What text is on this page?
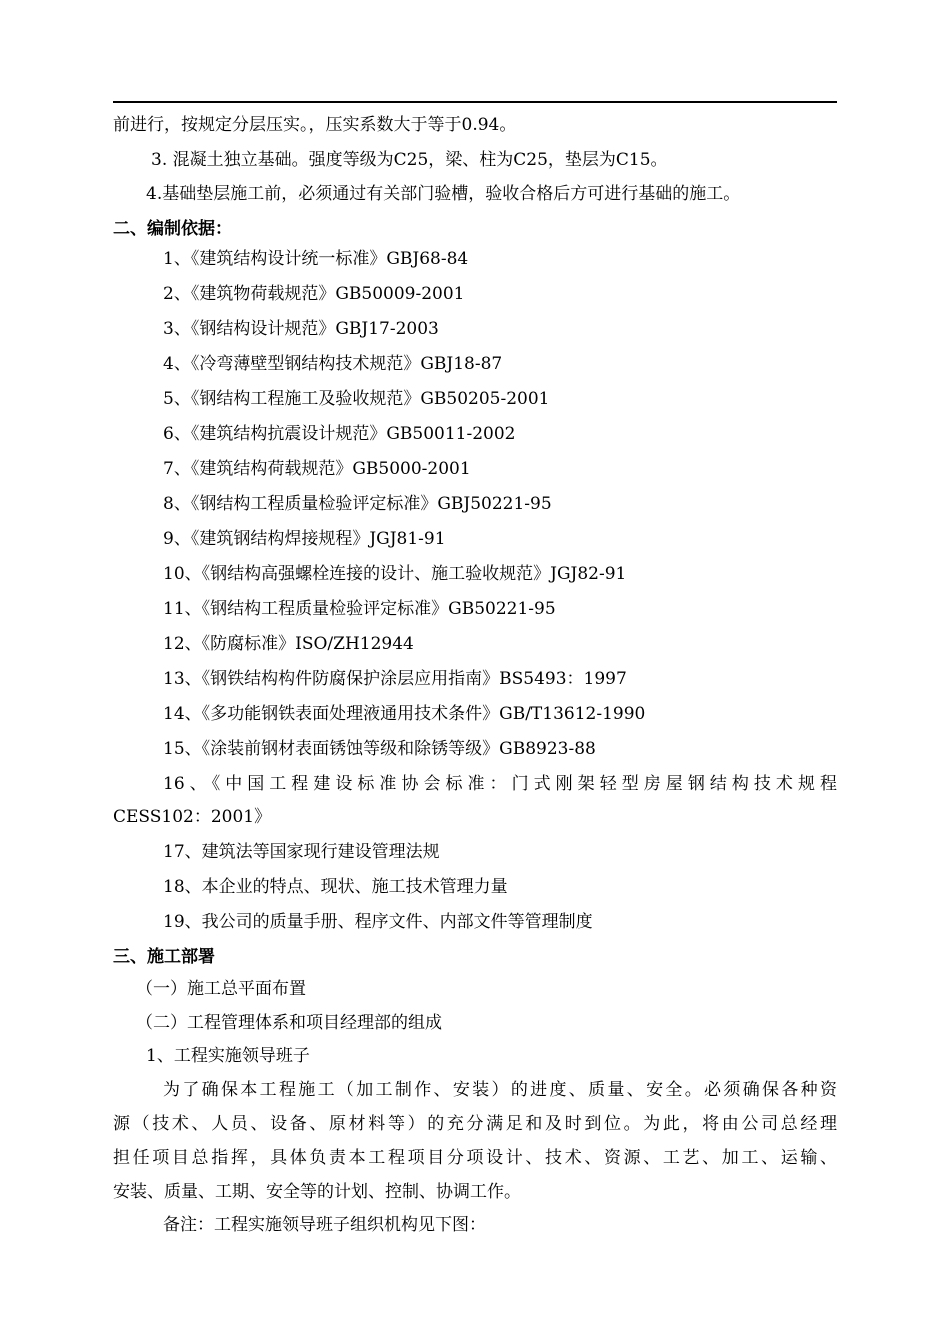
前进行，按规定分层压实。，压实系数大于等于0.94。
3. 混凝土独立基础。强度等级为C25，梁、柱为C25，垫层为C15。
4.基础垫层施工前，必须通过有关部门验槽，验收合格后方可进行基础的施工。
二、编制依据：
1、《建筑结构设计统一标准》GBJ68-84
2、《建筑物荷载规范》GB50009-2001
3、《钢结构设计规范》GBJ17-2003
4、《冷弯薄壁型钢结构技术规范》GBJ18-87
5、《钢结构工程施工及验收规范》GB50205-2001
6、《建筑结构抗震设计规范》GB50011-2002
7、《建筑结构荷载规范》GB5000-2001
8、《钢结构工程质量检验评定标准》GBJ50221-95
9、《建筑钢结构焊接规程》JGJ81-91
10、《钢结构高强螺栓连接的设计、施工验收规范》JGJ82-91
11、《钢结构工程质量检验评定标准》GB50221-95
12、《防腐标准》ISO/ZH12944
13、《钢铁结构构件防腐保护涂层应用指南》BS5493：1997
14、《多功能钢铁表面处理液通用技术条件》GB/T13612-1990
15、《涂装前钢材表面锈蚀等级和除锈等级》GB8923-88
16、《中国工程建设标准协会标准：门式刚架轻型房屋钢结构技术规程
CESS102：2001》
17、建筑法等国家现行建设管理法规
18、本企业的特点、现状、施工技术管理力量
19、我公司的质量手册、程序文件、内部文件等管理制度
三、施工部署
（一）施工总平面布置
（二）工程管理体系和项目经理部的组成
1、工程实施领导班子
为了确保本工程施工（加工制作、安装）的进度、质量、安全。必须确保各种资
源（技术、人员、设备、原材料等）的充分满足和及时到位。为此，将由公司总经理
担任项目总指挥，具体负责本工程项目分项设计、技术、资源、工艺、加工、运输、
安装、质量、工期、安全等的计划、控制、协调工作。
备注：工程实施领导班子组织机构见下图：
